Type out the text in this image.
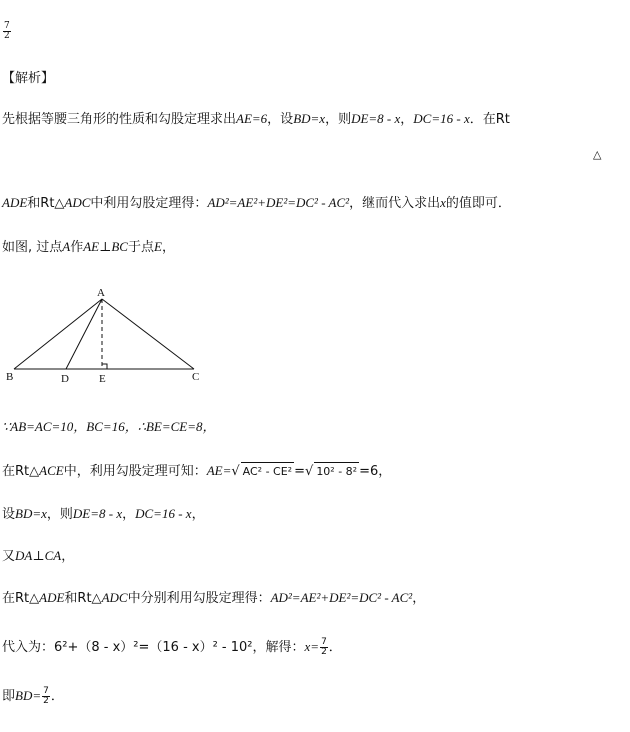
$\frac{7}{2}$
【解析】
先根据等腰三角形的性质和勾股定理求出AE=6，设BD=x，则DE=8 - x，DC=16 - x．在Rt
△
ADE和Rt△ADC中利用勾股定理得：AD²=AE²+DE²=DC² - AC²，继而代入求出x的值即可．
如图, 过点A作AE⊥BC于点E，
A
B	D	E	C
∵AB=AC=10，BC=16，∴BE=CE=8，
在Rt△ACE中，利用勾股定理可知：AE=√ AC² - CE² =√ 10² - 8² =6，
设BD=x，则DE=8 - x，DC=16 - x，
又DA⊥CA，
在Rt△ADE和Rt△ADC中分别利用勾股定理得：AD²=AE²+DE²=DC² - AC²，
代入为：6²+（8 - x）²=（16 - x）² - 10²，解得：$x= \frac{7}{2}$ ．
即$BD= \frac{7}{2}$ ．
